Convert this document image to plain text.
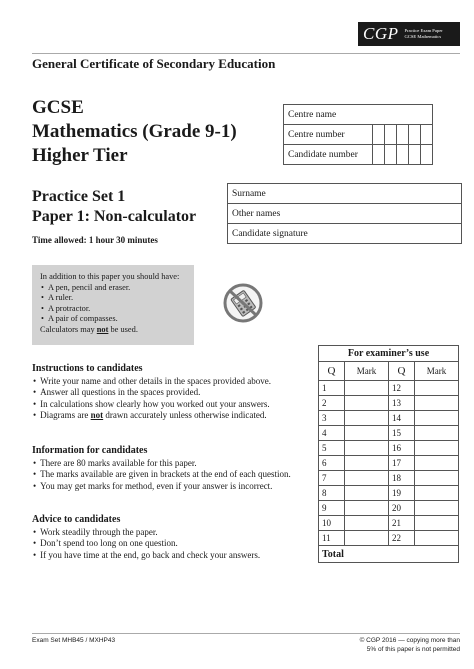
CGP	Practice Exam Paper
GCSE Mathematics
General Certificate of Secondary Education
GCSE
Mathematics (Grade 9-1)
Higher Tier
Centre name					
Centre number					
Candidate number					
Practice Set 1
Paper 1: Non-calculator
Time allowed: 1 hour 30 minutes
Surname
Other names
Candidate signature
In addition to this paper you should have:
• A pen, pencil and eraser.
• A ruler.
• A protractor.
• A pair of compasses.
Calculators may not be used.
Instructions to candidates
• Write your name and other details in the spaces provided above.
• Answer all questions in the spaces provided.
• In calculations show clearly how you worked out your answers.
• Diagrams are not drawn accurately unless otherwise indicated.
Information for candidates
• There are 80 marks available for this paper.
• The marks available are given in brackets at the end of each question.
• You may get marks for method, even if your answer is incorrect.
Advice to candidates
• Work steadily through the paper.
• Don’t spend too long on one question.
• If you have time at the end, go back and check your answers.
For examiner’s use			
Q	Mark	Q	Mark
1		12	
2		13	
3		14	
4		15	
5		16	
6		17	
7		18	
8		19	
9		20	
10		21	
11		22	
Total			
Exam Set MHB45 / MXHP43	© CGP 2016 — copying more than
5% of this paper is not permitted
